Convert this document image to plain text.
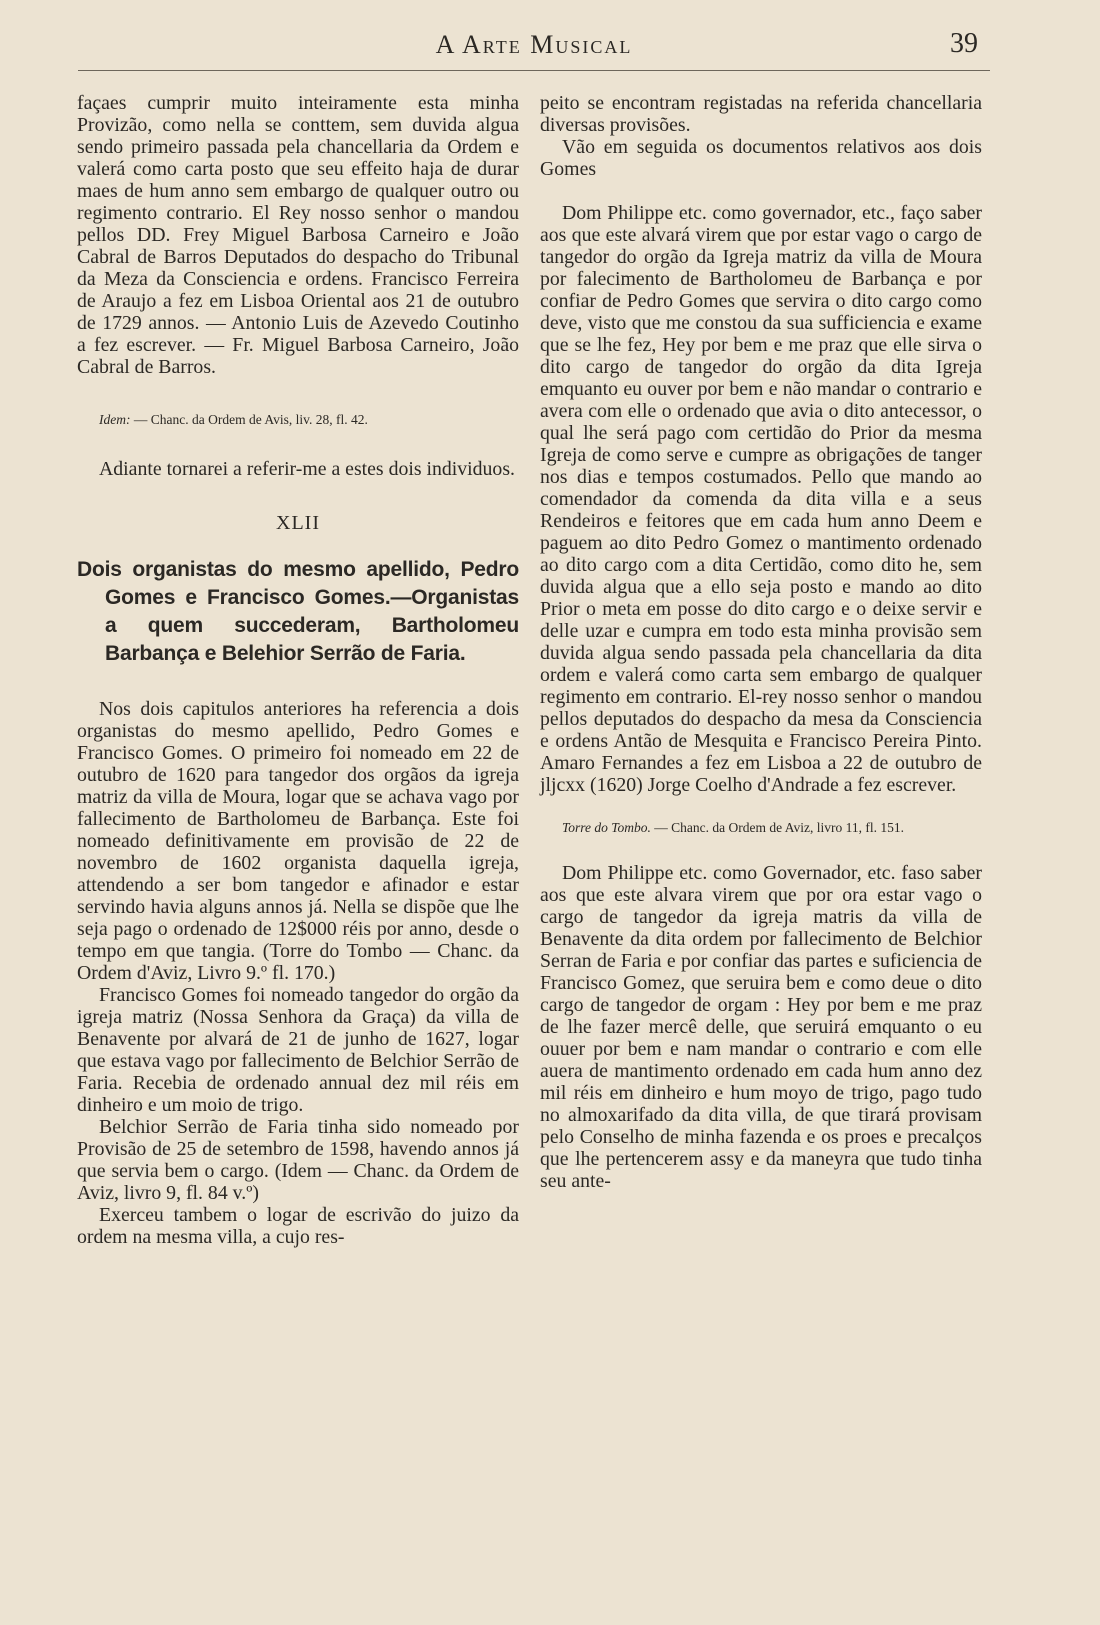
A Arte Musical	39

façaes cumprir muito inteiramente esta minha Provizão, como nella se conttem, sem duvida algua sendo primeiro passada pela chancellaria da Ordem e valerá como carta posto que seu effeito haja de durar maes de hum anno sem embargo de qualquer outro ou regimento contrario. El Rey nosso senhor o mandou pellos DD. Frey Miguel Barbosa Carneiro e João Cabral de Barros Deputados do despacho do Tribunal da Meza da Consciencia e ordens. Francisco Ferreira de Araujo a fez em Lisboa Oriental aos 21 de outubro de 1729 annos. — Antonio Luis de Azevedo Coutinho a fez escrever. — Fr. Miguel Barbosa Carneiro, João Cabral de Barros.

Idem: — Chanc. da Ordem de Avis, liv. 28, fl. 42.

Adiante tornarei a referir-me a estes dois individuos.

XLII

Dois organistas do mesmo apellido, Pedro Gomes e Francisco Gomes.—Organistas a quem succederam, Bartholomeu Barbança e Belehior Serrão de Faria.

Nos dois capitulos anteriores ha referencia a dois organistas do mesmo apellido, Pedro Gomes e Francisco Gomes. O primeiro foi nomeado em 22 de outubro de 1620 para tangedor dos orgãos da igreja matriz da villa de Moura, logar que se achava vago por fallecimento de Bartholomeu de Barbança. Este foi nomeado definitivamente em provisão de 22 de novembro de 1602 organista daquella igreja, attendendo a ser bom tangedor e afinador e estar servindo havia alguns annos já. Nella se dispõe que lhe seja pago o ordenado de 12$000 réis por anno, desde o tempo em que tangia. (Torre do Tombo — Chanc. da Ordem d'Aviz, Livro 9.º fl. 170.)

Francisco Gomes foi nomeado tangedor do orgão da igreja matriz (Nossa Senhora da Graça) da villa de Benavente por alvará de 21 de junho de 1627, logar que estava vago por fallecimento de Belchior Serrão de Faria. Recebia de ordenado annual dez mil réis em dinheiro e um moio de trigo.

Belchior Serrão de Faria tinha sido nomeado por Provisão de 25 de setembro de 1598, havendo annos já que servia bem o cargo. (Idem — Chanc. da Ordem de Aviz, livro 9, fl. 84 v.º)

Exerceu tambem o logar de escrivão do juizo da ordem na mesma villa, a cujo res-

peito se encontram registadas na referida chancellaria diversas provisões.

Vão em seguida os documentos relativos aos dois Gomes

Dom Philippe etc. como governador, etc., faço saber aos que este alvará virem que por estar vago o cargo de tangedor do orgão da Igreja matriz da villa de Moura por falecimento de Bartholomeu de Barbança e por confiar de Pedro Gomes que servira o dito cargo como deve, visto que me constou da sua sufficiencia e exame que se lhe fez, Hey por bem e me praz que elle sirva o dito cargo de tangedor do orgão da dita Igreja emquanto eu ouver por bem e não mandar o contrario e avera com elle o ordenado que avia o dito antecessor, o qual lhe será pago com certidão do Prior da mesma Igreja de como serve e cumpre as obrigações de tanger nos dias e tempos costumados. Pello que mando ao comendador da comenda da dita villa e a seus Rendeiros e feitores que em cada hum anno Deem e paguem ao dito Pedro Gomez o mantimento ordenado ao dito cargo com a dita Certidão, como dito he, sem duvida algua que a ello seja posto e mando ao dito Prior o meta em posse do dito cargo e o deixe servir e delle uzar e cumpra em todo esta minha provisão sem duvida algua sendo passada pela chancellaria da dita ordem e valerá como carta sem embargo de qualquer regimento em contrario. El-rey nosso senhor o mandou pellos deputados do despacho da mesa da Consciencia e ordens Antão de Mesquita e Francisco Pereira Pinto. Amaro Fernandes a fez em Lisboa a 22 de outubro de jljcxx (1620) Jorge Coelho d'Andrade a fez escrever.

Torre do Tombo. — Chanc. da Ordem de Aviz, livro 11, fl. 151.

Dom Philippe etc. como Governador, etc. faso saber aos que este alvara virem que por ora estar vago o cargo de tangedor da igreja matris da villa de Benavente da dita ordem por fallecimento de Belchior Serran de Faria e por confiar das partes e suficiencia de Francisco Gomez, que seruira bem e como deue o dito cargo de tangedor de orgam : Hey por bem e me praz de lhe fazer mercê delle, que seruirá emquanto o eu ouuer por bem e nam mandar o contrario e com elle auera de mantimento ordenado em cada hum anno dez mil réis em dinheiro e hum moyo de trigo, pago tudo no almoxarifado da dita villa, de que tirará provisam pelo Conselho de minha fazenda e os proes e precalços que lhe pertencerem assy e da maneyra que tudo tinha seu ante-
